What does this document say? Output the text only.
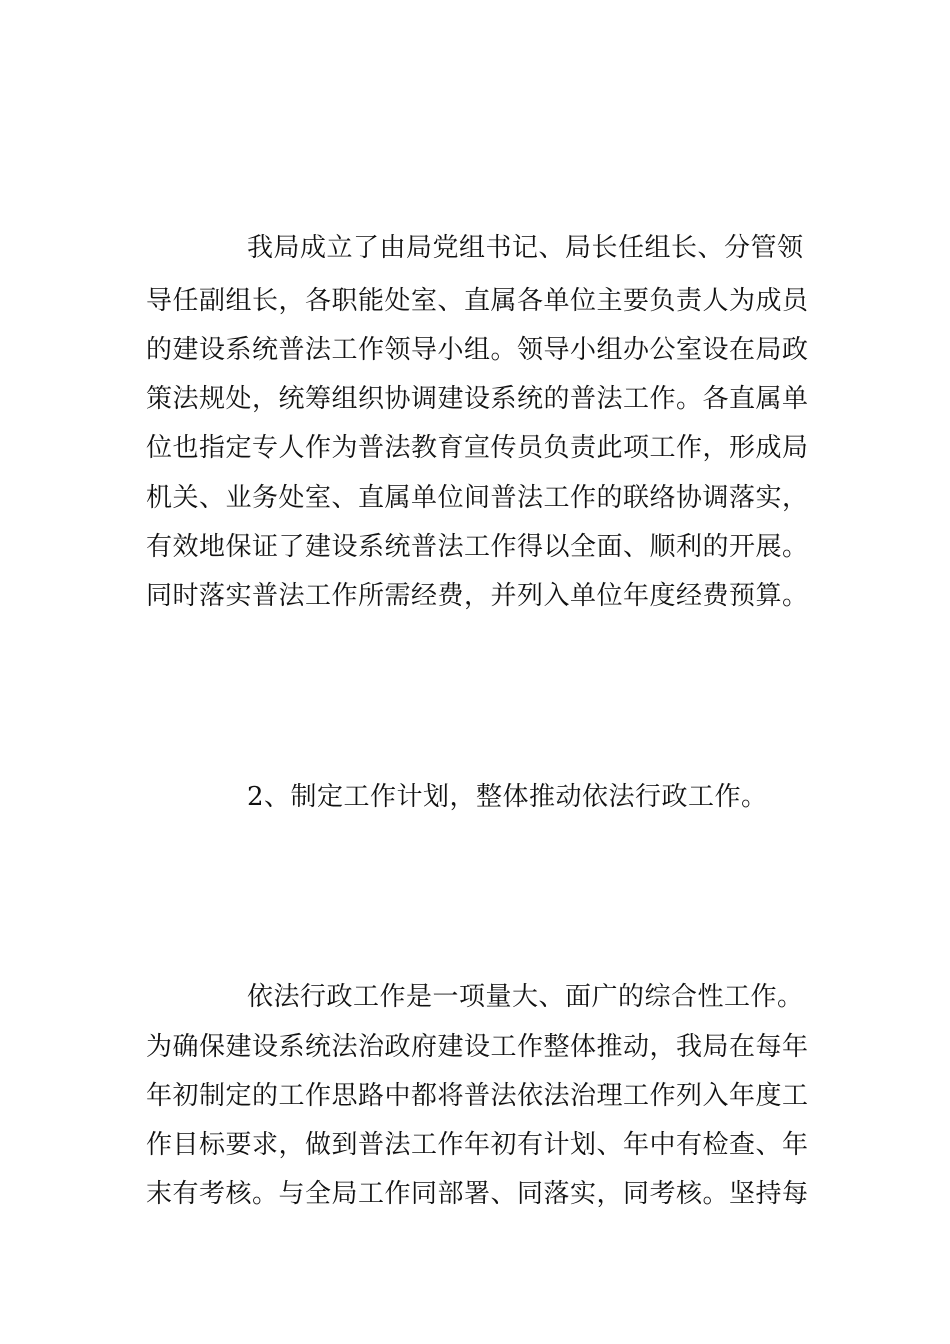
我局成立了由局党组书记、局长任组长、分管领
导任副组长，各职能处室、直属各单位主要负责人为成员
的建设系统普法工作领导小组。领导小组办公室设在局政
策法规处，统筹组织协调建设系统的普法工作。各直属单
位也指定专人作为普法教育宣传员负责此项工作，形成局
机关、业务处室、直属单位间普法工作的联络协调落实，
有效地保证了建设系统普法工作得以全面、顺利的开展。
同时落实普法工作所需经费，并列入单位年度经费预算。
2、制定工作计划，整体推动依法行政工作。
依法行政工作是一项量大、面广的综合性工作。
为确保建设系统法治政府建设工作整体推动，我局在每年
年初制定的工作思路中都将普法依法治理工作列入年度工
作目标要求，做到普法工作年初有计划、年中有检查、年
末有考核。与全局工作同部署、同落实，同考核。坚持每
